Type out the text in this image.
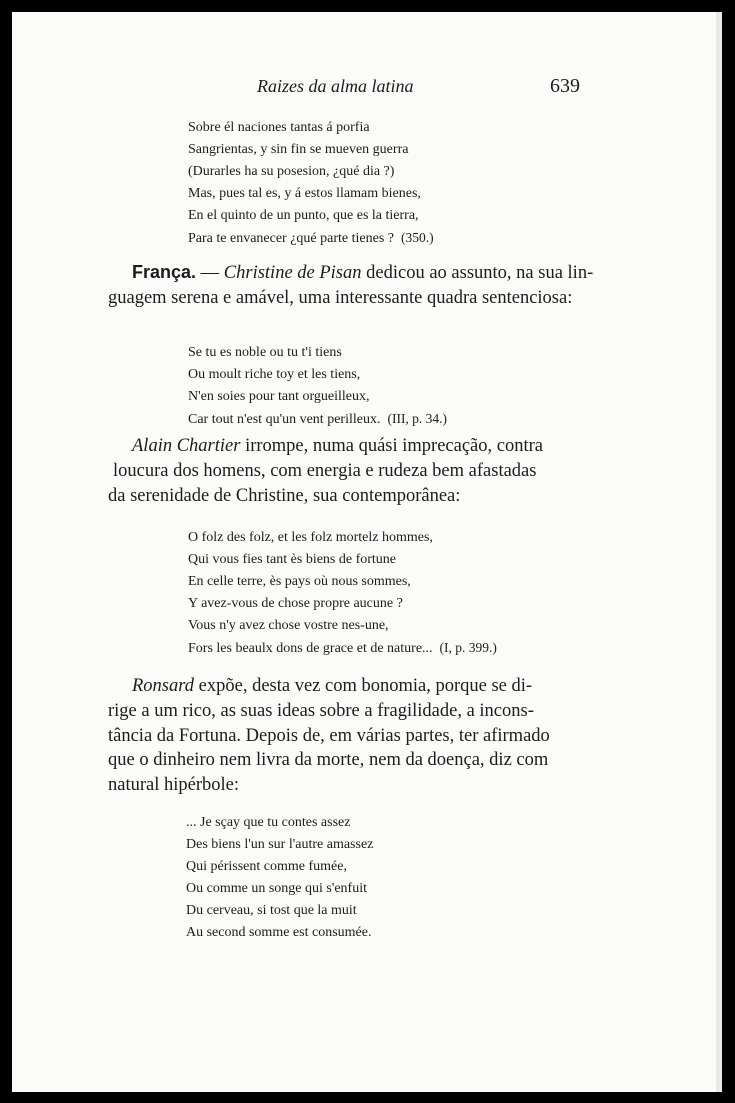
Raizes da alma latina	639
Sobre él naciones tantas á porfia
Sangrientas, y sin fin se mueven guerra
(Durarles ha su posesion, ¿qué dia ?)
Mas, pues tal es, y á estos llamam bienes,
En el quinto de un punto, que es la tierra,
Para te envanecer ¿qué parte tienes ? (350.)

França. — Christine de Pisan dedicou ao assunto, na sua lin-

guagem serena e amável, uma interessante quadra sentenciosa:

Se tu es noble ou tu t'i tiens
Ou moult riche toy et les tiens,
N'en soies pour tant orgueilleux,
Car tout n'est qu'un vent perilleux. (III, p. 34.)

Alain Chartier irrompe, numa quási imprecação, contra

loucura dos homens, com energia e rudeza bem afastadas

da serenidade de Christine, sua contemporânea:

O folz des folz, et les folz mortelz hommes,
Qui vous fies tant ès biens de fortune
En celle terre, ès pays où nous sommes,
Y avez-vous de chose propre aucune ?
Vous n'y avez chose vostre nes-une,
Fors les beaulx dons de grace et de nature... (I, p. 399.)

Ronsard expõe, desta vez com bonomia, porque se di-

rige a um rico, as suas ideas sobre a fragilidade, a incons-

tância da Fortuna. Depois de, em várias partes, ter afirmado

que o dinheiro nem livra da morte, nem da doença, diz com

natural hipérbole:

... Je sçay que tu contes assez
Des biens l'un sur l'autre amassez
Qui périssent comme fumée,
Ou comme un songe qui s'enfuit
Du cerveau, si tost que la muit
Au second somme est consumée.
